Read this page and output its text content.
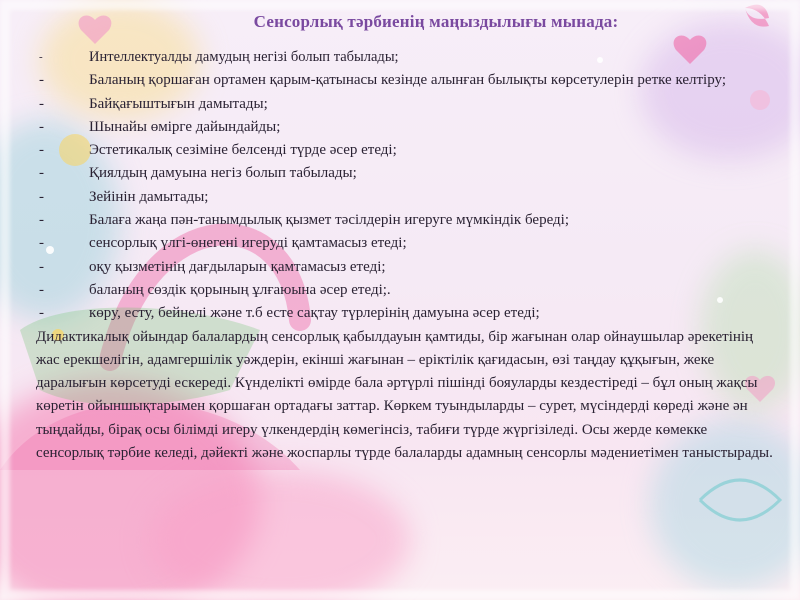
Сенсорлық тәрбиенің маңыздылығы мынада:
-	Интеллектуалды дамудың негізі болып табылады;
-	Баланың қоршаған ортамен қарым-қатынасы кезінде алынған былықты көрсетулерін ретке келтіру;
-	Байқағыштығын дамытады;
-	Шынайы өмірге дайындайды;
-	Эстетикалық сезіміне белсенді түрде әсер етеді;
-	Қиялдың дамуына негіз болып табылады;
-	Зейінін дамытады;
-	Балаға жаңа пән-танымдылық қызмет тәсілдерін игеруге мүмкіндік береді;
-	сенсорлық үлгі-өнегені игеруді қамтамасыз етеді;
-	оқу қызметінің дағдыларын қамтамасыз етеді;
-	баланың сөздік қорының ұлғаюына әсер етеді;.
-	көру, есту, бейнелі және т.б есте сақтау түрлерінің дамуына әсер етеді;

Дидактикалық ойындар балалардың сенсорлық қабылдауын қамтиды, бір жағынан олар ойнаушылар әрекетінің жас ерекшелігін, адамгершілік уәждерін, екінші жағынан – еріктілік қағидасын, өзі таңдау құқығын, жеке даралығын көрсетуді ескереді. Күнделікті өмірде бала әртүрлі пішінді бояуларды кездестіреді – бұл оның жақсы көретін ойыншықтарымен қоршаған ортадағы заттар. Көркем туындыларды – сурет, мүсіндерді көреді және ән тыңдайды, бірақ осы білімді игеру үлкендердің көмегінсіз, табиғи түрде жүргізіледі. Осы жерде көмекке сенсорлық тәрбие келеді, дәйекті және жоспарлы түрде балаларды адамның сенсорлы мәдениетімен таныстырады.
